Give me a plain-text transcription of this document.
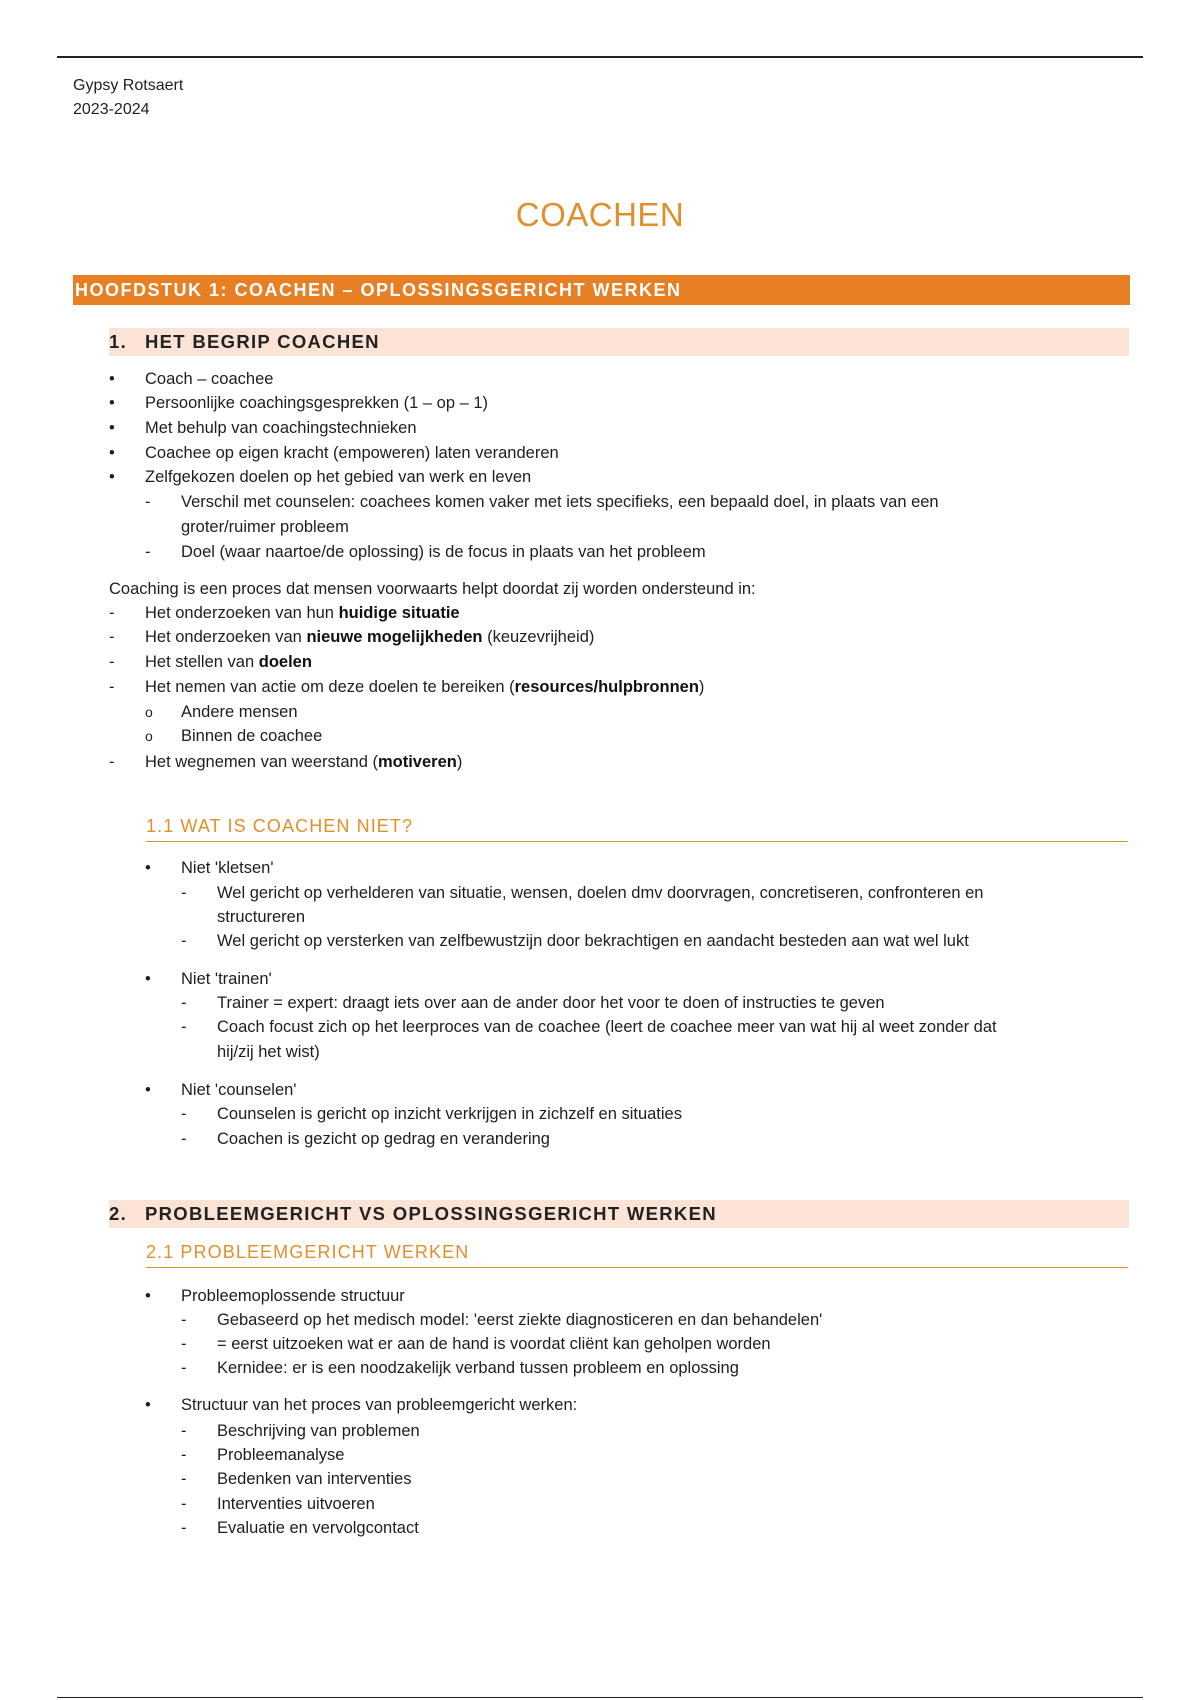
Gypsy Rotsaert
2023-2024
COACHEN
HOOFDSTUK 1: COACHEN – OPLOSSINGSGERICHT WERKEN
1. HET BEGRIP COACHEN
• Coach – coachee
• Persoonlijke coachingsgesprekken (1 – op – 1)
• Met behulp van coachingstechnieken
• Coachee op eigen kracht (empoweren) laten veranderen
• Zelfgekozen doelen op het gebied van werk en leven
- Verschil met counselen: coachees komen vaker met iets specifieks, een bepaald doel, in plaats van een
groter/ruimer probleem
- Doel (waar naartoe/de oplossing) is de focus in plaats van het probleem
Coaching is een proces dat mensen voorwaarts helpt doordat zij worden ondersteund in:
- Het onderzoeken van hun huidige situatie
- Het onderzoeken van nieuwe mogelijkheden (keuzevrijheid)
- Het stellen van doelen
- Het nemen van actie om deze doelen te bereiken (resources/hulpbronnen)
o Andere mensen
o Binnen de coachee
- Het wegnemen van weerstand (motiveren)
1.1 WAT IS COACHEN NIET?
• Niet 'kletsen'
- Wel gericht op verhelderen van situatie, wensen, doelen dmv doorvragen, concretiseren, confronteren en
structureren
- Wel gericht op versterken van zelfbewustzijn door bekrachtigen en aandacht besteden aan wat wel lukt
• Niet 'trainen'
- Trainer = expert: draagt iets over aan de ander door het voor te doen of instructies te geven
- Coach focust zich op het leerproces van de coachee (leert de coachee meer van wat hij al weet zonder dat
hij/zij het wist)
• Niet 'counselen'
- Counselen is gericht op inzicht verkrijgen in zichzelf en situaties
- Coachen is gezicht op gedrag en verandering
2. PROBLEEMGERICHT VS OPLOSSINGSGERICHT WERKEN
2.1 PROBLEEMGERICHT WERKEN
• Probleemoplossende structuur
- Gebaseerd op het medisch model: 'eerst ziekte diagnosticeren en dan behandelen'
- = eerst uitzoeken wat er aan de hand is voordat cliënt kan geholpen worden
- Kernidee: er is een noodzakelijk verband tussen probleem en oplossing
• Structuur van het proces van probleemgericht werken:
- Beschrijving van problemen
- Probleemanalyse
- Bedenken van interventies
- Interventies uitvoeren
- Evaluatie en vervolgcontact
